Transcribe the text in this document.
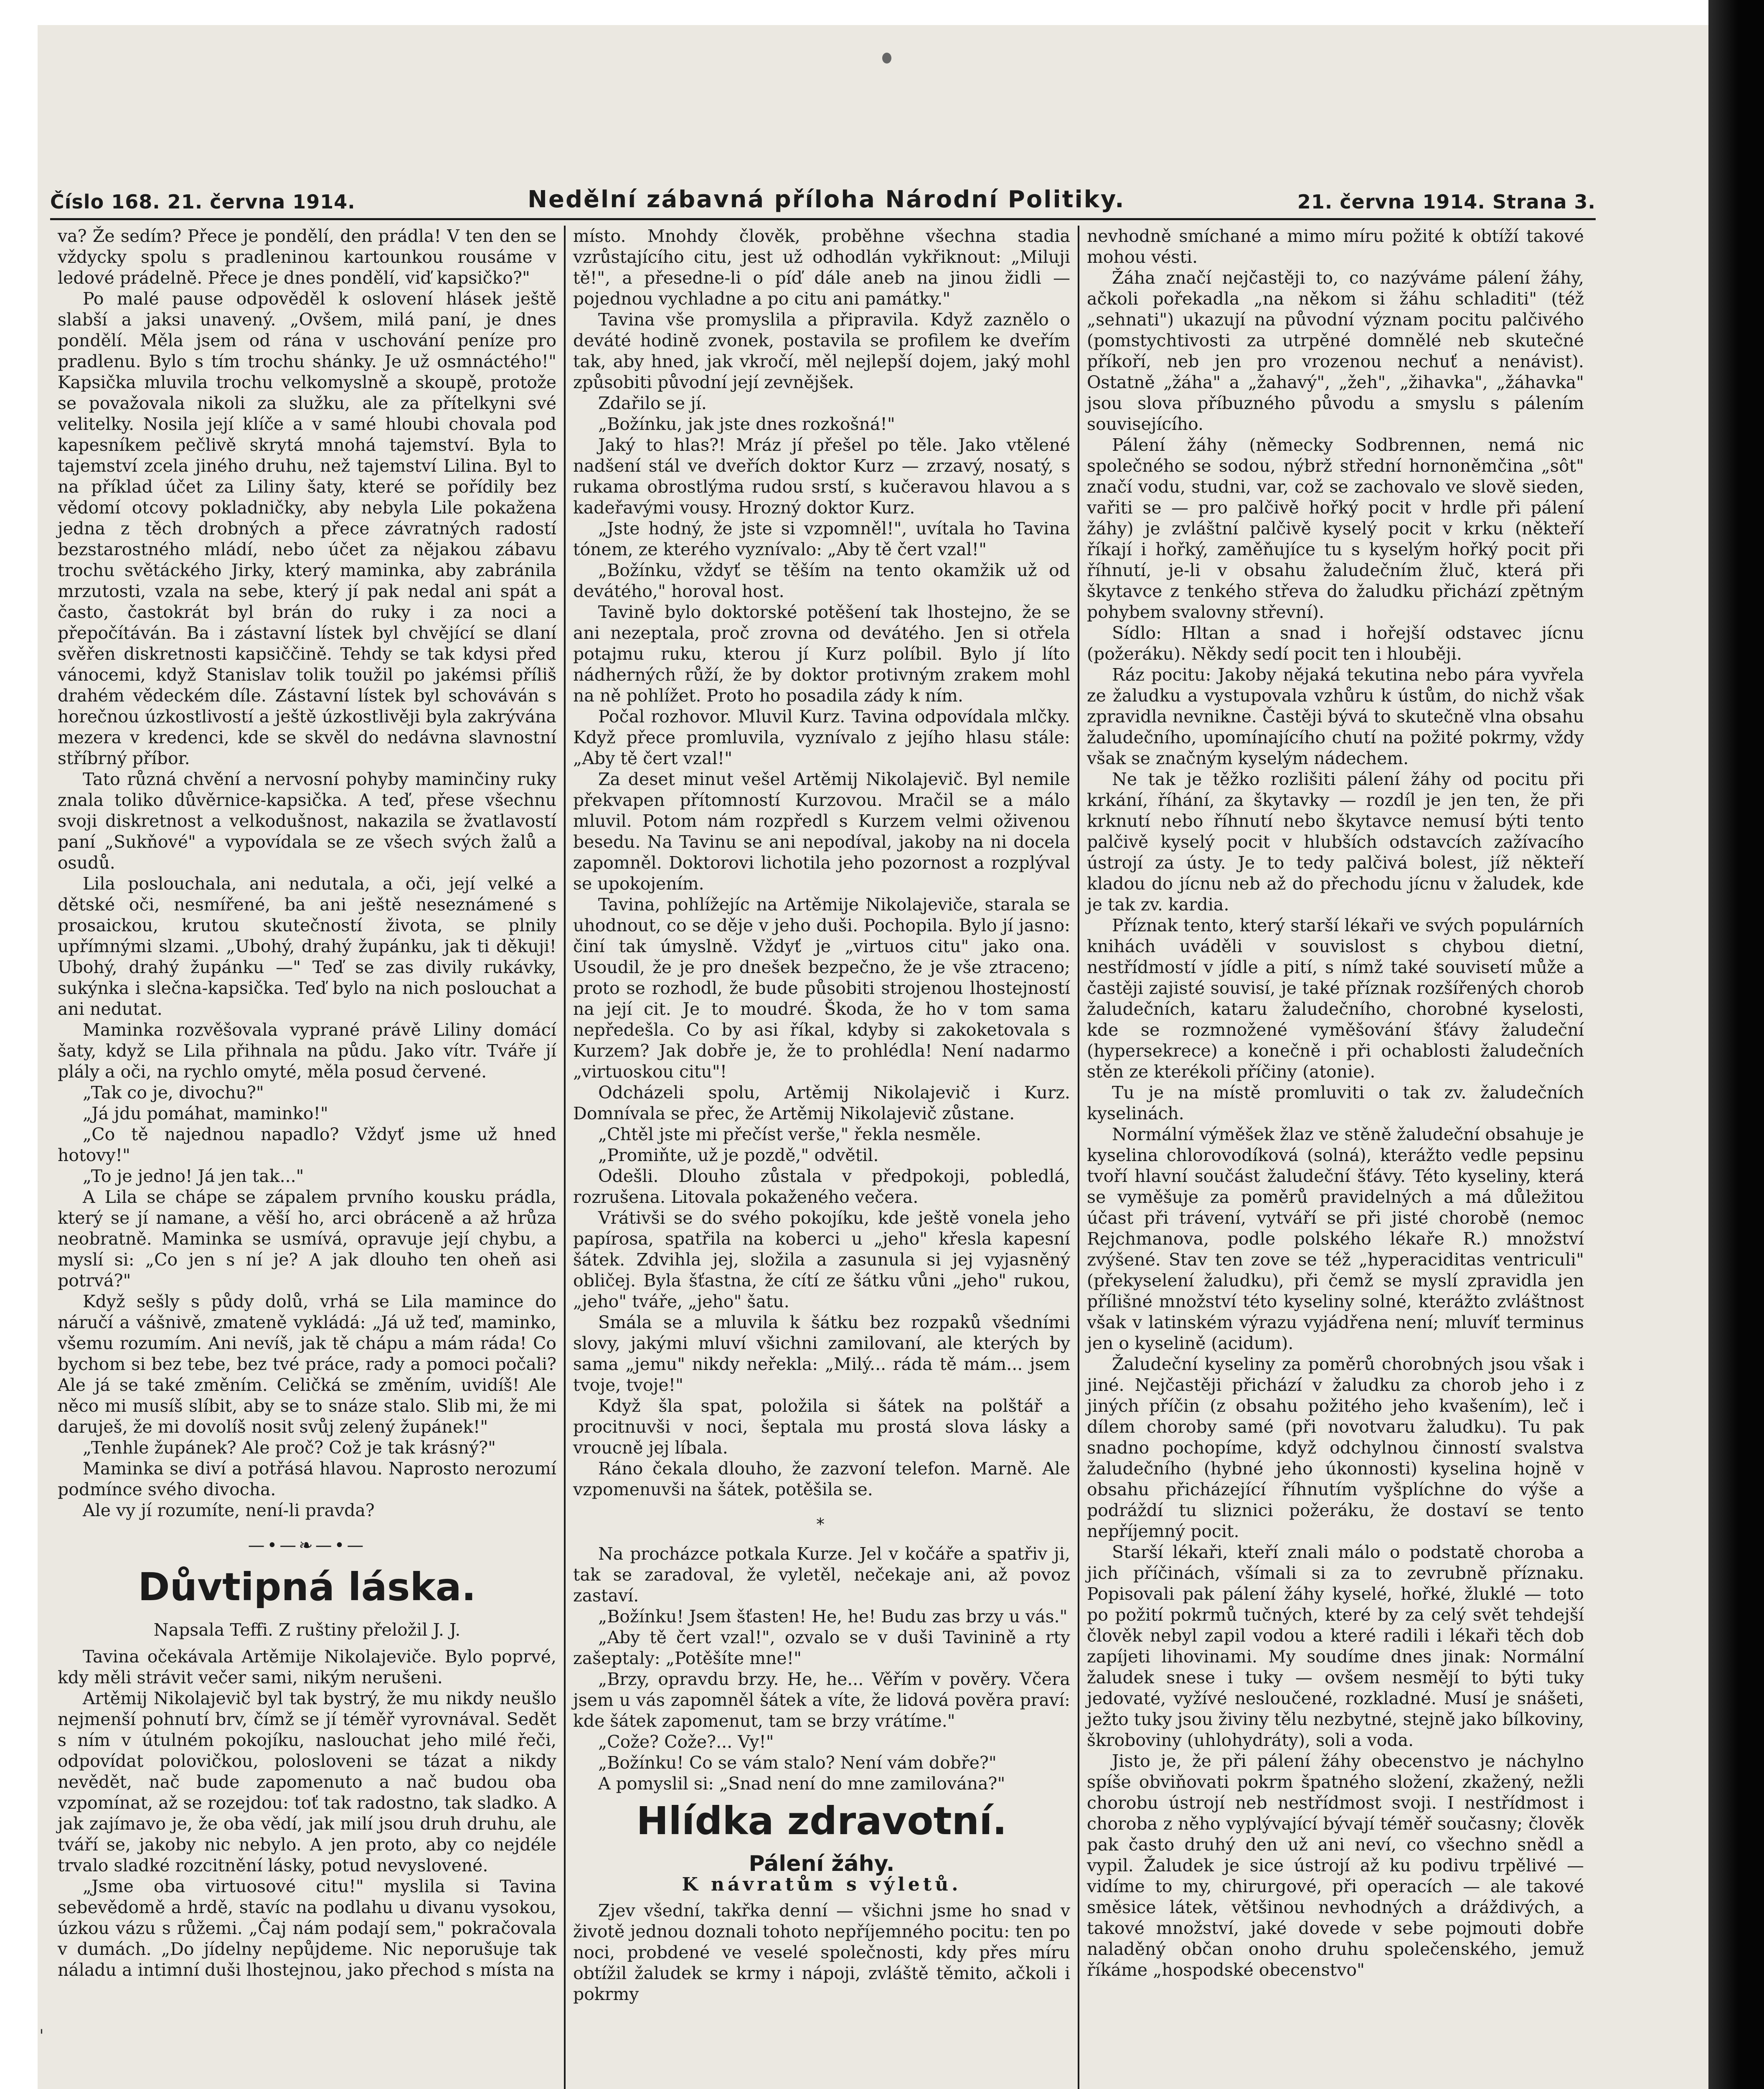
Číslo 168. 21. června 1914.	Nedělní zábavná příloha Národní Politiky.	21. června 1914. Strana 3.

va? Že sedím? Přece je pondělí, den prádla! V ten den se vždycky spolu s pradleninou kartounkou rousáme v ledové prádelně. Přece je dnes pondělí, viď kapsičko?"

Po malé pause odpověděl k oslovení hlásek ještě slabší a jaksi unavený. „Ovšem, milá paní, je dnes pondělí. Měla jsem od rána v uschování peníze pro pradlenu. Bylo s tím trochu shánky. Je už osmnáctého!" Kapsička mluvila trochu velkomyslně a skoupě, protože se považovala nikoli za služku, ale za přítelkyni své velitelky. Nosila její klíče a v samé hloubi chovala pod kapesníkem pečlivě skrytá mnohá tajemství. Byla to tajemství zcela jiného druhu, než tajemství Lilina. Byl to na příklad účet za Liliny šaty, které se pořídily bez vědomí otcovy pokladničky, aby nebyla Lile pokažena jedna z těch drobných a přece závratných radostí bezstarostného mládí, nebo účet za nějakou zábavu trochu světáckého Jirky, který maminka, aby zabránila mrzutosti, vzala na sebe, který jí pak nedal ani spát a často, častokrát byl brán do ruky i za noci a přepočítáván. Ba i zástavní lístek byl chvějící se dlaní svěřen diskretnosti kapsiččině. Tehdy se tak kdysi před vánocemi, když Stanislav tolik toužil po jakémsi příliš drahém vědeckém díle. Zástavní lístek byl schováván s horečnou úzkostlivostí a ještě úzkostlivěji byla zakrývána mezera v kredenci, kde se skvěl do nedávna slavnostní stříbrný příbor.

Tato různá chvění a nervosní pohyby maminčiny ruky znala toliko důvěrnice-kapsička. A teď, přese všechnu svoji diskretnost a velkodušnost, nakazila se žvatlavostí paní „Sukňové" a vypovídala se ze všech svých žalů a osudů.

Lila poslouchala, ani nedutala, a oči, její velké a dětské oči, nesmířené, ba ani ještě neseznámené s prosaickou, krutou skutečností života, se plnily upřímnými slzami. „Ubohý, drahý župánku, jak ti děkuji! Ubohý, drahý župánku —" Teď se zas divily rukávky, sukýnka i slečna-kapsička. Teď bylo na nich poslouchat a ani nedutat.

Maminka rozvěšovala vyprané právě Liliny domácí šaty, když se Lila přihnala na půdu. Jako vítr. Tváře jí plály a oči, na rychlo omyté, měla posud červené.

„Tak co je, divochu?"

„Já jdu pomáhat, maminko!"

„Co tě najednou napadlo? Vždyť jsme už hned hotovy!"

„To je jedno! Já jen tak..."

A Lila se chápe se zápalem prvního kousku prádla, který se jí namane, a věší ho, arci obráceně a až hrůza neobratně. Maminka se usmívá, opravuje její chybu, a myslí si: „Co jen s ní je? A jak dlouho ten oheň asi potrvá?"

Když sešly s půdy dolů, vrhá se Lila mamince do náručí a vášnivě, zmateně vykládá: „Já už teď, maminko, všemu rozumím. Ani nevíš, jak tě chápu a mám ráda! Co bychom si bez tebe, bez tvé práce, rady a pomoci počali? Ale já se také změním. Celičká se změním, uvidíš! Ale něco mi musíš slíbit, aby se to snáze stalo. Slib mi, že mi daruješ, že mi dovolíš nosit svůj zelený župánek!"

„Tenhle župánek? Ale proč? Což je tak krásný?"

Maminka se diví a potřásá hlavou. Naprosto nerozumí podmínce svého divocha.

Ale vy jí rozumíte, není-li pravda?

—•—❧—•—
Důvtipná láska.
Napsala Teffi. Z ruštiny přeložil J. J.

Tavina očekávala Artěmije Nikolajeviče. Bylo poprvé, kdy měli strávit večer sami, nikým nerušeni.

Artěmij Nikolajevič byl tak bystrý, že mu nikdy neušlo nejmenší pohnutí brv, čímž se jí téměř vyrovnával. Sedět s ním v útulném pokojíku, naslouchat jeho milé řeči, odpovídat polovičkou, polosloveni se tázat a nikdy nevědět, nač bude zapomenuto a nač budou oba vzpomínat, až se rozejdou: toť tak radostno, tak sladko. A jak zajímavo je, že oba vědí, jak milí jsou druh druhu, ale tváří se, jakoby nic nebylo. A jen proto, aby co nejdéle trvalo sladké rozcitnění lásky, potud nevyslovené.

„Jsme oba virtuosové citu!" myslila si Tavina sebevědomě a hrdě, stavíc na podlahu u divanu vysokou, úzkou vázu s růžemi. „Čaj nám podají sem," pokračovala v dumách. „Do jídelny nepůjdeme. Nic neporušuje tak náladu a intimní duši lhostejnou, jako přechod s místa na

místo. Mnohdy člověk, proběhne všechna stadia vzrůstajícího citu, jest už odhodlán vykřiknout: „Miluji tě!", a přesedne-li o píď dále aneb na jinou židli — pojednou vychladne a po citu ani památky."

Tavina vše promyslila a připravila. Když zaznělo o deváté hodině zvonek, postavila se profilem ke dveřím tak, aby hned, jak vkročí, měl nejlepší dojem, jaký mohl způsobiti původní její zevnějšek.

Zdařilo se jí.

„Božínku, jak jste dnes rozkošná!"

Jaký to hlas?! Mráz jí přešel po těle. Jako vtělené nadšení stál ve dveřích doktor Kurz — zrzavý, nosatý, s rukama obrostlýma rudou srstí, s kučeravou hlavou a s kadeřavými vousy. Hrozný doktor Kurz.

„Jste hodný, že jste si vzpomněl!", uvítala ho Tavina tónem, ze kterého vyznívalo: „Aby tě čert vzal!"

„Božínku, vždyť se těším na tento okamžik už od devátého," horoval host.

Tavině bylo doktorské potěšení tak lhostejno, že se ani nezeptala, proč zrovna od devátého. Jen si otřela potajmu ruku, kterou jí Kurz políbil. Bylo jí líto nádherných růží, že by doktor protivným zrakem mohl na ně pohlížet. Proto ho posadila zády k ním.

Počal rozhovor. Mluvil Kurz. Tavina odpovídala mlčky. Když přece promluvila, vyznívalo z jejího hlasu stále: „Aby tě čert vzal!"

Za deset minut vešel Artěmij Nikolajevič. Byl nemile překvapen přítomností Kurzovou. Mračil se a málo mluvil. Potom nám rozpředl s Kurzem velmi oživenou besedu. Na Tavinu se ani nepodíval, jakoby na ni docela zapomněl. Doktorovi lichotila jeho pozornost a rozplýval se upokojením.

Tavina, pohlížejíc na Artěmije Nikolajeviče, starala se uhodnout, co se děje v jeho duši. Pochopila. Bylo jí jasno: činí tak úmyslně. Vždyť je „virtuos citu" jako ona. Usoudil, že je pro dnešek bezpečno, že je vše ztraceno; proto se rozhodl, že bude působiti strojenou lhostejností na její cit. Je to moudré. Škoda, že ho v tom sama nepředešla. Co by asi říkal, kdyby si zakoketovala s Kurzem? Jak dobře je, že to prohlédla! Není nadarmo „virtuoskou citu"!

Odcházeli spolu, Artěmij Nikolajevič i Kurz. Domnívala se přec, že Artěmij Nikolajevič zůstane.

„Chtěl jste mi přečíst verše," řekla nesměle.

„Promiňte, už je pozdě," odvětil.

Odešli. Dlouho zůstala v předpokoji, pobledlá, rozrušena. Litovala pokaženého večera.

Vrátivši se do svého pokojíku, kde ještě vonela jeho papírosa, spatřila na koberci u „jeho" křesla kapesní šátek. Zdvihla jej, složila a zasunula si jej vyjasněný obličej. Byla šťastna, že cítí ze šátku vůni „jeho" rukou, „jeho" tváře, „jeho" šatu.

Smála se a mluvila k šátku bez rozpaků všedními slovy, jakými mluví všichni zamilovaní, ale kterých by sama „jemu" nikdy neřekla: „Milý... ráda tě mám... jsem tvoje, tvoje!"

Když šla spat, položila si šátek na polštář a procitnuvši v noci, šeptala mu prostá slova lásky a vroucně jej líbala.

Ráno čekala dlouho, že zazvoní telefon. Marně. Ale vzpomenuvši na šátek, potěšila se.

*

Na procházce potkala Kurze. Jel v kočáře a spatřiv ji, tak se zaradoval, že vyletěl, nečekaje ani, až povoz zastaví.

„Božínku! Jsem šťasten! He, he! Budu zas brzy u vás."

„Aby tě čert vzal!", ozvalo se v duši Tavinině a rty zašeptaly: „Potěšíte mne!"

„Brzy, opravdu brzy. He, he... Věřím v pověry. Včera jsem u vás zapomněl šátek a víte, že lidová pověra praví: kde šátek zapomenut, tam se brzy vrátíme."

„Cože? Cože?... Vy!"

„Božínku! Co se vám stalo? Není vám dobře?"

A pomyslil si: „Snad není do mne zamilována?"

Hlídka zdravotní.
Pálení žáhy.
K návratům s výletů.

Zjev všední, takřka denní — všichni jsme ho snad v životě jednou doznali tohoto nepříjemného pocitu: ten po noci, probdené ve veselé společnosti, kdy přes míru obtížil žaludek se krmy i nápoji, zvláště těmito, ačkoli i pokrmy

nevhodně smíchané a mimo míru požité k obtíží takové mohou vésti.

Žáha značí nejčastěji to, co nazýváme pálení žáhy, ačkoli pořekadla „na někom si žáhu schladiti" (též „sehnati") ukazují na původní význam pocitu palčivého (pomstychtivosti za utrpěné domnělé neb skutečné příkoří, neb jen pro vrozenou nechuť a nenávist). Ostatně „žáha" a „žahavý", „žeh", „žihavka", „žáhavka" jsou slova příbuzného původu a smyslu s pálením souvisejícího.

Pálení žáhy (německy Sodbrennen, nemá nic společného se sodou, nýbrž střední hornoněmčina „sôt" značí vodu, studni, var, což se zachovalo ve slově sieden, vařiti se — pro palčivě hořký pocit v hrdle při pálení žáhy) je zvláštní palčivě kyselý pocit v krku (někteří říkají i hořký, zaměňujíce tu s kyselým hořký pocit při říhnutí, je-li v obsahu žaludečním žluč, která při škytavce z tenkého střeva do žaludku přichází zpětným pohybem svalovny střevní).

Sídlo: Hltan a snad i hořejší odstavec jícnu (požeráku). Někdy sedí pocit ten i hlouběji.

Ráz pocitu: Jakoby nějaká tekutina nebo pára vyvřela ze žaludku a vystupovala vzhůru k ústům, do nichž však zpravidla nevnikne. Častěji bývá to skutečně vlna obsahu žaludečního, upomínajícího chutí na požité pokrmy, vždy však se značným kyselým nádechem.

Ne tak je těžko rozlišiti pálení žáhy od pocitu při krkání, říhání, za škytavky — rozdíl je jen ten, že při krknutí nebo říhnutí nebo škytavce nemusí býti tento palčivě kyselý pocit v hlubších odstavcích zažívacího ústrojí za ústy. Je to tedy palčivá bolest, jíž někteří kladou do jícnu neb až do přechodu jícnu v žaludek, kde je tak zv. kardia.

Příznak tento, který starší lékaři ve svých populárních knihách uváděli v souvislost s chybou dietní, nestřídmostí v jídle a pití, s nímž také souvisetí může a častěji zajisté souvisí, je také příznak rozšířených chorob žaludečních, kataru žaludečního, chorobné kyselosti, kde se rozmnožené vyměšování šťávy žaludeční (hypersekrece) a konečně i při ochablosti žaludečních stěn ze kterékoli příčiny (atonie).

Tu je na místě promluviti o tak zv. žaludečních kyselinách.

Normální výměšek žlaz ve stěně žaludeční obsahuje je kyselina chlorovodíková (solná), kterážto vedle pepsinu tvoří hlavní součást žaludeční šťávy. Této kyseliny, která se vyměšuje za poměrů pravidelných a má důležitou účast při trávení, vytváří se při jisté chorobě (nemoc Rejchmanova, podle polského lékaře R.) množství zvýšené. Stav ten zove se též „hyperaciditas ventriculi" (překyselení žaludku), při čemž se myslí zpravidla jen přílišné množství této kyseliny solné, kterážto zvláštnost však v latinském výrazu vyjádřena není; mluvíť terminus jen o kyselině (acidum).

Žaludeční kyseliny za poměrů chorobných jsou však i jiné. Nejčastěji přichází v žaludku za chorob jeho i z jiných příčin (z obsahu požitého jeho kvašením), leč i dílem choroby samé (při novotvaru žaludku). Tu pak snadno pochopíme, když odchylnou činností svalstva žaludečního (hybné jeho úkonnosti) kyselina hojně v obsahu přicházející říhnutím vyšplíchne do výše a podráždí tu sliznici požeráku, že dostaví se tento nepříjemný pocit.

Starší lékaři, kteří znali málo o podstatě choroba a jich příčinách, všímali si za to zevrubně příznaku. Popisovali pak pálení žáhy kyselé, hořké, žluklé — toto po požití pokrmů tučných, které by za celý svět tehdejší člověk nebyl zapil vodou a které radili i lékaři těch dob zapíjeti lihovinami. My soudíme dnes jinak: Normální žaludek snese i tuky — ovšem nesmějí to býti tuky jedovaté, vyžívé nesloučené, rozkladné. Musí je snášeti, ježto tuky jsou živiny tělu nezbytné, stejně jako bílkoviny, škroboviny (uhlohydráty), soli a voda.

Jisto je, že při pálení žáhy obecenstvo je náchylno spíše obviňovati pokrm špatného složení, zkažený, nežli chorobu ústrojí neb nestřídmost svoji. I nestřídmost i choroba z něho vyplývající bývají téměř současny; člověk pak často druhý den už ani neví, co všechno snědl a vypil. Žaludek je sice ústrojí až ku podivu trpělivé — vidíme to my, chirurgové, při operacích — ale takové směsice látek, většinou nevhodných a dráždivých, a takové množství, jaké dovede v sebe pojmouti dobře naladěný občan onoho druhu společenského, jemuž říkáme „hospodské obecenstvo"

'
